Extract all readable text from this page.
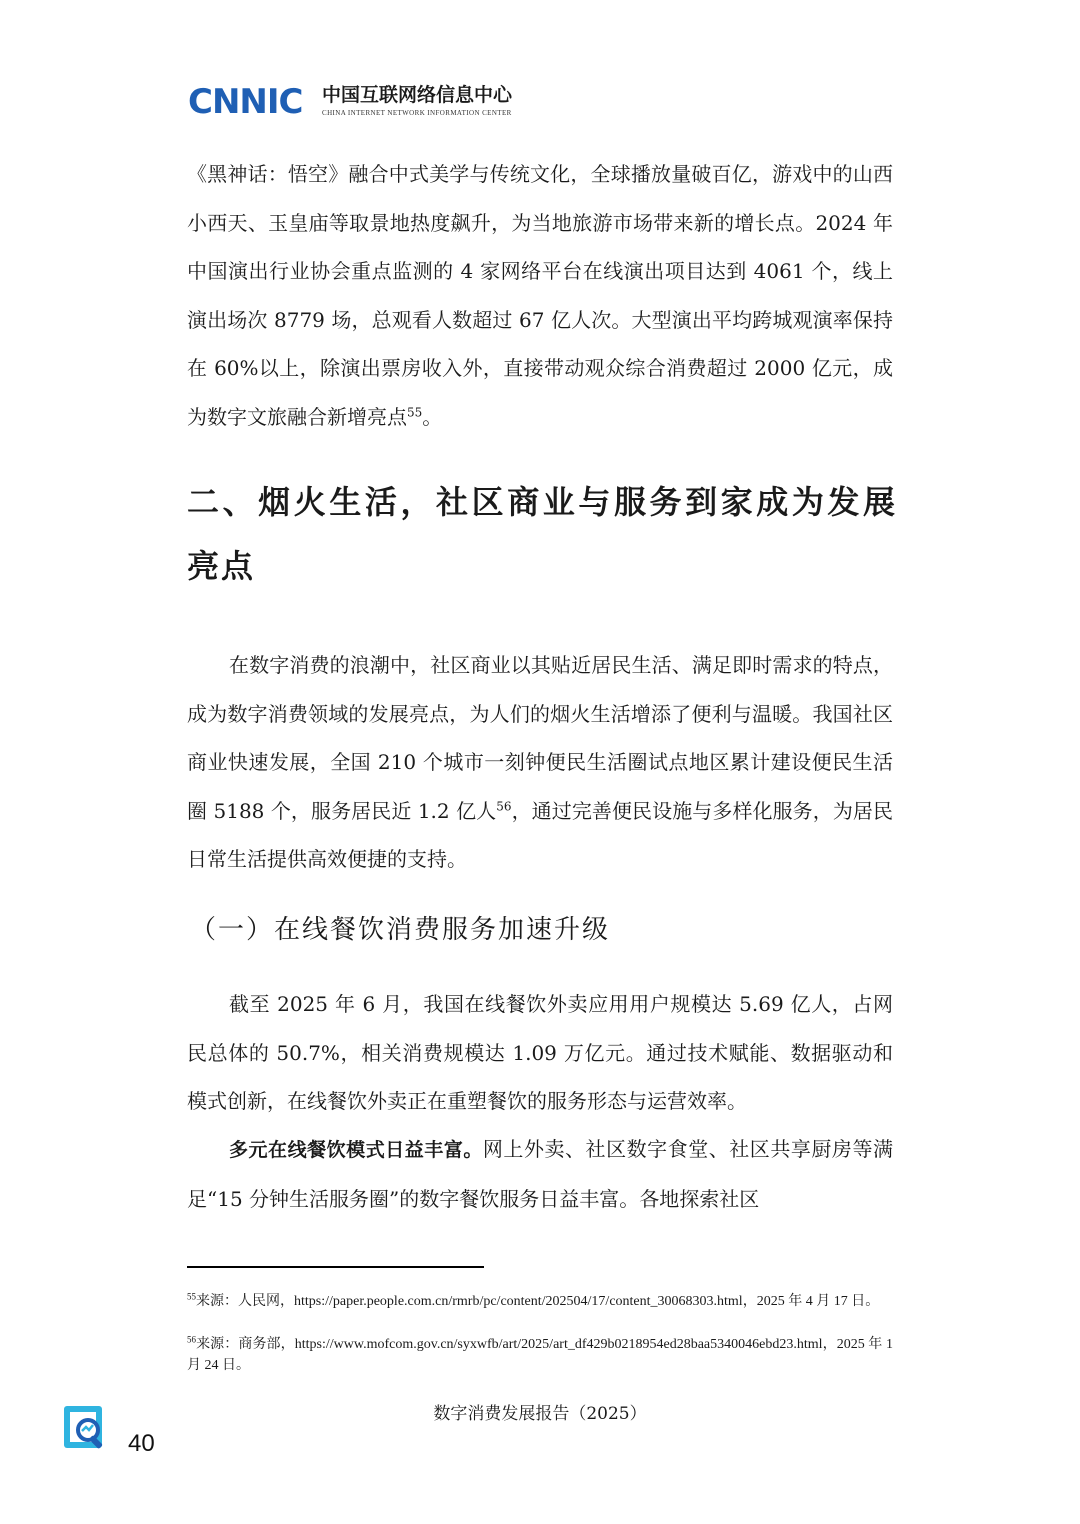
CNNIC 中国互联网络信息中心
CHINA INTERNET NETWORK INFORMATION CENTER

《黑神话：悟空》融合中式美学与传统文化，全球播放量破百亿，游戏中的山西小西天、玉皇庙等取景地热度飙升，为当地旅游市场带来新的增长点。2024 年中国演出行业协会重点监测的 4 家网络平台在线演出项目达到 4061 个，线上演出场次 8779 场，总观看人数超过 67 亿人次。大型演出平均跨城观演率保持在 60%以上，除演出票房收入外，直接带动观众综合消费超过 2000 亿元，成为数字文旅融合新增亮点$^{55}$。

二、烟火生活，社区商业与服务到家成为发展亮点

在数字消费的浪潮中，社区商业以其贴近居民生活、满足即时需求的特点，成为数字消费领域的发展亮点，为人们的烟火生活增添了便利与温暖。我国社区商业快速发展，全国 210 个城市一刻钟便民生活圈试点地区累计建设便民生活圈 5188 个，服务居民近 1.2 亿人$^{56}$，通过完善便民设施与多样化服务，为居民日常生活提供高效便捷的支持。

（一）在线餐饮消费服务加速升级

截至 2025 年 6 月，我国在线餐饮外卖应用用户规模达 5.69 亿人，占网民总体的 50.7%，相关消费规模达 1.09 万亿元。通过技术赋能、数据驱动和模式创新，在线餐饮外卖正在重塑餐饮的服务形态与运营效率。

多元在线餐饮模式日益丰富。网上外卖、社区数字食堂、社区共享厨房等满足“15 分钟生活服务圈”的数字餐饮服务日益丰富。各地探索社区

$^{55}$来源：人民网，https://paper.people.com.cn/rmrb/pc/content/202504/17/content_30068303.html，2025 年 4 月 17 日。

$^{56}$来源：商务部，https://www.mofcom.gov.cn/syxwfb/art/2025/art_df429b0218954ed28baa5340046ebd23.html，2025 年 1 月 24 日。

数字消费发展报告（2025）
40
